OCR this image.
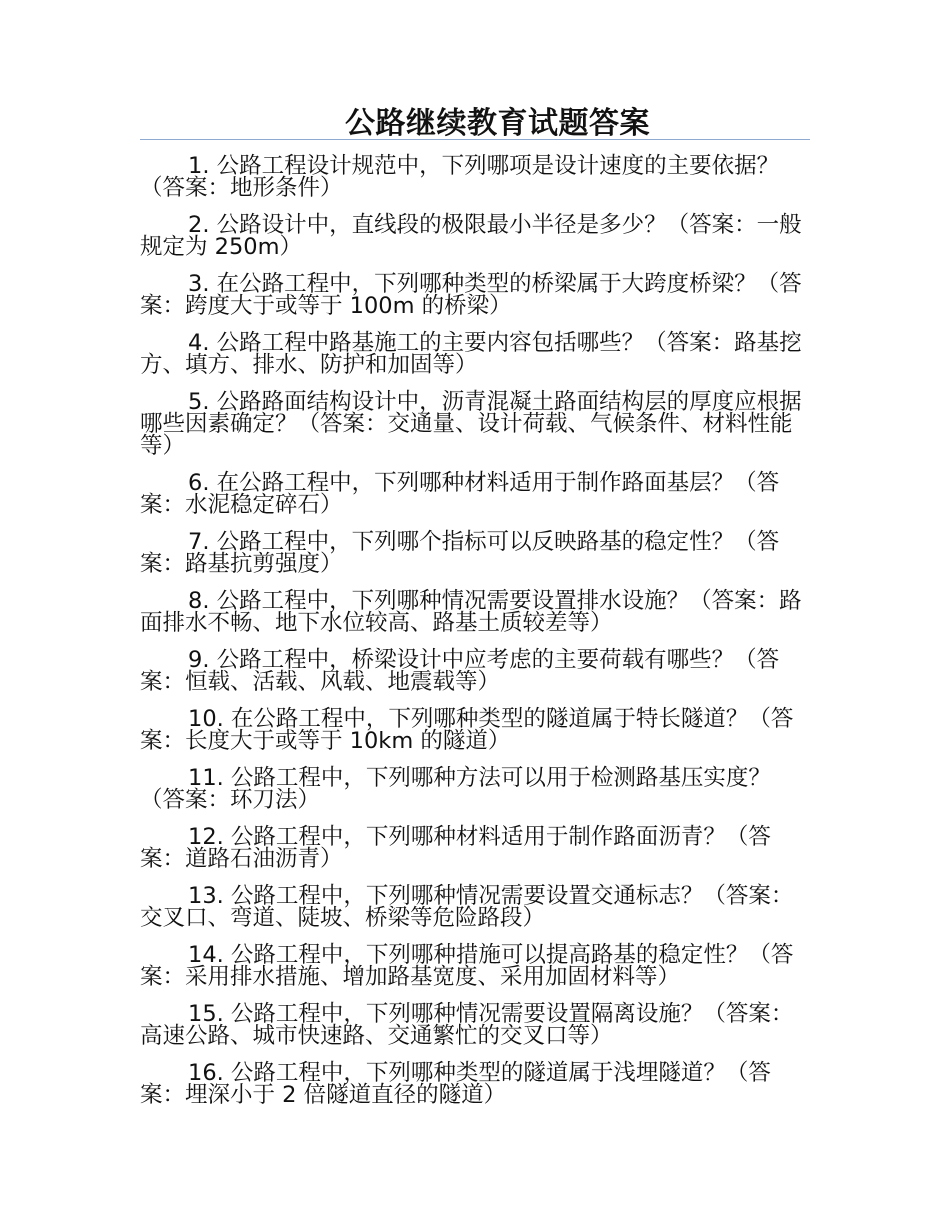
公路继续教育试题答案

1. 公路工程设计规范中，下列哪项是设计速度的主要依据？（答案：地形条件）

2. 公路设计中，直线段的极限最小半径是多少？（答案：一般规定为 250m）

3. 在公路工程中，下列哪种类型的桥梁属于大跨度桥梁？（答案：跨度大于或等于 100m 的桥梁）

4. 公路工程中路基施工的主要内容包括哪些？（答案：路基挖方、填方、排水、防护和加固等）

5. 公路路面结构设计中，沥青混凝土路面结构层的厚度应根据哪些因素确定？（答案：交通量、设计荷载、气候条件、材料性能等）

6. 在公路工程中，下列哪种材料适用于制作路面基层？（答案：水泥稳定碎石）

7. 公路工程中，下列哪个指标可以反映路基的稳定性？（答案：路基抗剪强度）

8. 公路工程中，下列哪种情况需要设置排水设施？（答案：路面排水不畅、地下水位较高、路基土质较差等）

9. 公路工程中，桥梁设计中应考虑的主要荷载有哪些？（答案：恒载、活载、风载、地震载等）

10. 在公路工程中，下列哪种类型的隧道属于特长隧道？（答案：长度大于或等于 10km 的隧道）

11. 公路工程中，下列哪种方法可以用于检测路基压实度？（答案：环刀法）

12. 公路工程中，下列哪种材料适用于制作路面沥青？（答案：道路石油沥青）

13. 公路工程中，下列哪种情况需要设置交通标志？（答案：交叉口、弯道、陡坡、桥梁等危险路段）

14. 公路工程中，下列哪种措施可以提高路基的稳定性？（答案：采用排水措施、增加路基宽度、采用加固材料等）

15. 公路工程中，下列哪种情况需要设置隔离设施？（答案：高速公路、城市快速路、交通繁忙的交叉口等）

16. 公路工程中，下列哪种类型的隧道属于浅埋隧道？（答案：埋深小于 2 倍隧道直径的隧道）
